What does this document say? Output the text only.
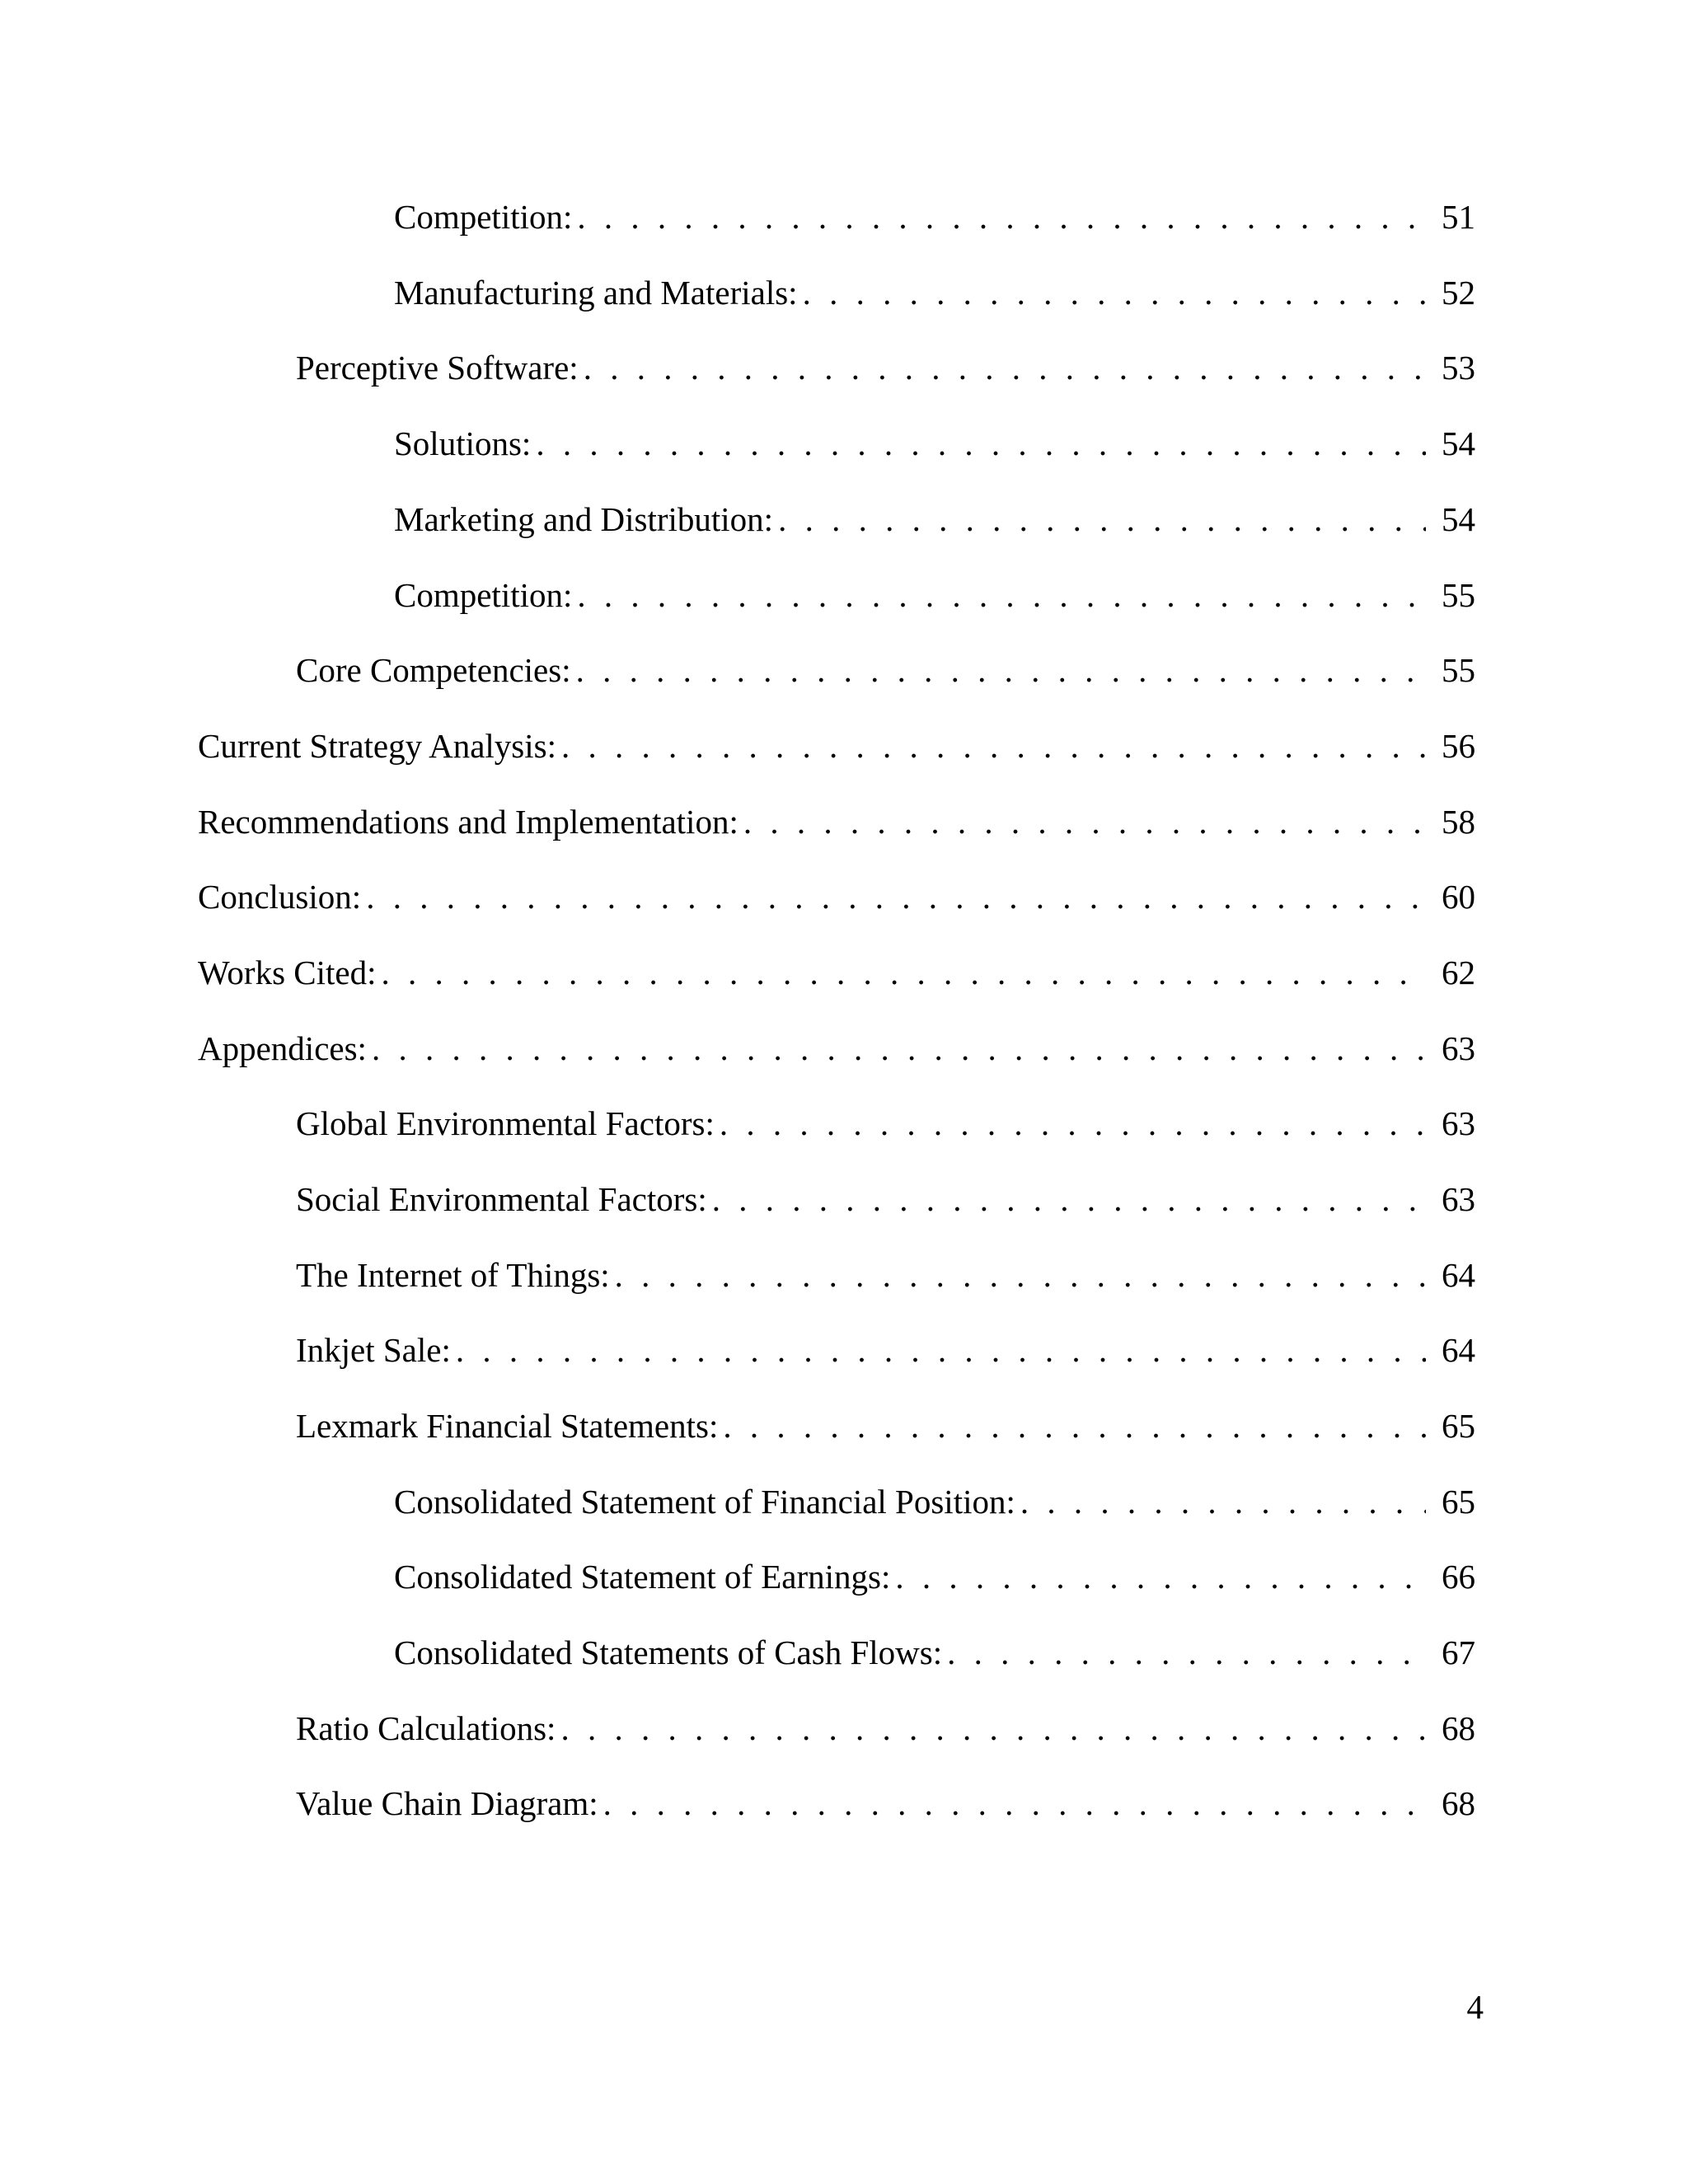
Competition: . . .	51
Manufacturing and Materials: . . .	52
Perceptive Software: . . .	53
Solutions: . . .	54
Marketing and Distribution: . . .	54
Competition: . . .	55
Core Competencies: . . .	55
Current Strategy Analysis: . . .	56
Recommendations and Implementation: . . .	58
Conclusion: . . .	60
Works Cited: . . .	62
Appendices: . . .	63
Global Environmental Factors: . . .	63
Social Environmental Factors: . . .	63
The Internet of Things: . . .	64
Inkjet Sale: . . .	64
Lexmark Financial Statements: . . .	65
Consolidated Statement of Financial Position: . . .	65
Consolidated Statement of Earnings: . . .	66
Consolidated Statements of Cash Flows: . . .	67
Ratio Calculations: . . .	68
Value Chain Diagram: . . .	68
4
